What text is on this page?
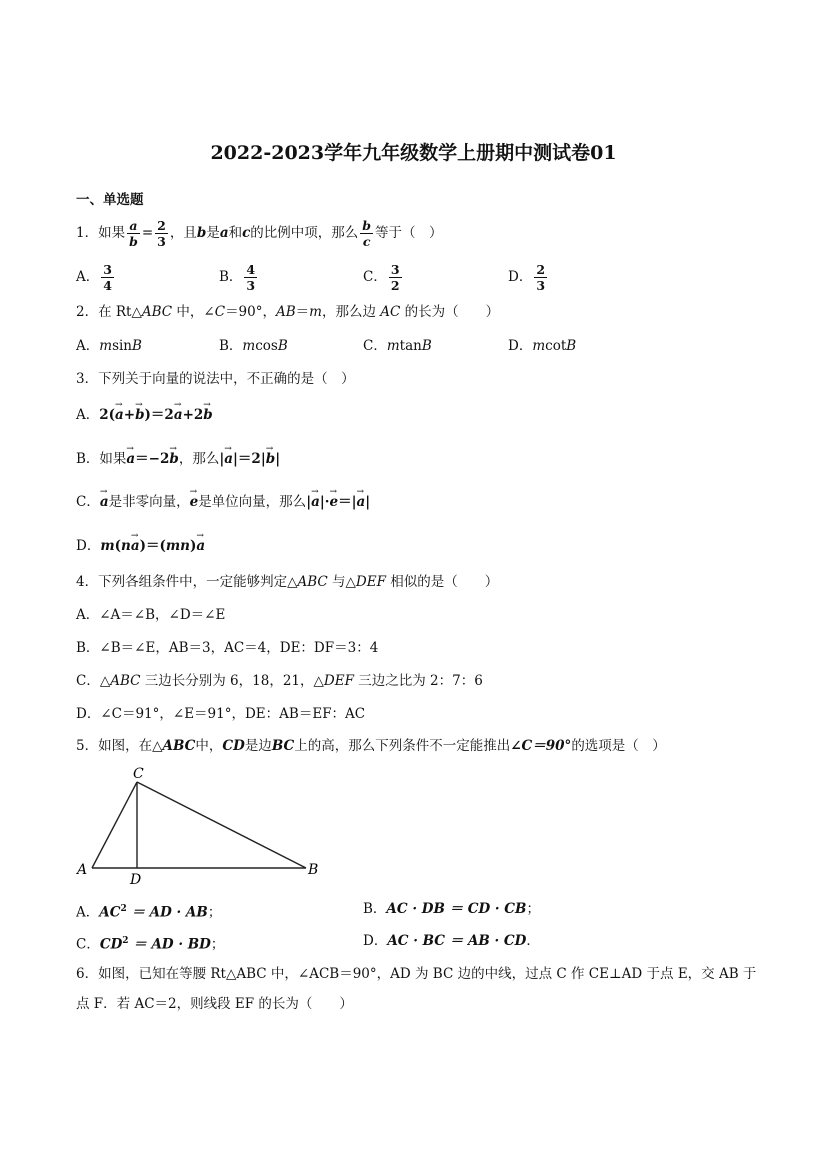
2022-2023学年九年级数学上册期中测试卷01
一、单选题
1．如果 $\frac{a}{b} = \frac{2}{3}$ ，且b是a和c的比例中项，那么 $\frac{b}{c}$ 等于（　）
A． $\frac{3}{4}$	B． $\frac{4}{3}$	C． $\frac{3}{2}$	D． $\frac{2}{3}$
2．在 Rt△ABC 中，∠C＝90°，AB＝m，那么边 AC 的长为（　　）
A．msinB	B．mcosB	C．mtanB	D．mcotB
3．下列关于向量的说法中，不正确的是（　）
A．2(→ a+→ b)＝2→ a+2→ b
B．如果→ a＝−2→ b，那么|→ a|＝2|→ b|
C．→ a是非零向量，→ e是单位向量，那么|→ a|·→ e＝|→ a|
D．m(n→ a)＝(mn)→ a
4．下列各组条件中，一定能够判定△ABC 与△DEF 相似的是（　　）
A．∠A＝∠B，∠D＝∠E
B．∠B＝∠E，AB＝3，AC＝4，DE：DF＝3：4
C．△ABC 三边长分别为 6，18，21，△DEF 三边之比为 2：7：6
D．∠C＝91°，∠E＝91°，DE：AB＝EF：AC
5．如图，在△ABC中，CD是边BC上的高，那么下列条件不一定能推出∠C＝90°的选项是（　）
C
A
D
B
A．$AC^2$ ＝ AD · AB；	B．AC · DB ＝ CD · CB；
C．$CD^2$ ＝ AD · BD；	D．AC · BC ＝ AB · CD．
6．如图，已知在等腰 Rt△ABC 中，∠ACB＝90°，AD 为 BC 边的中线，过点 C 作 CE⊥AD 于点 E，交 AB 于
点 F．若 AC＝2，则线段 EF 的长为（　　）
